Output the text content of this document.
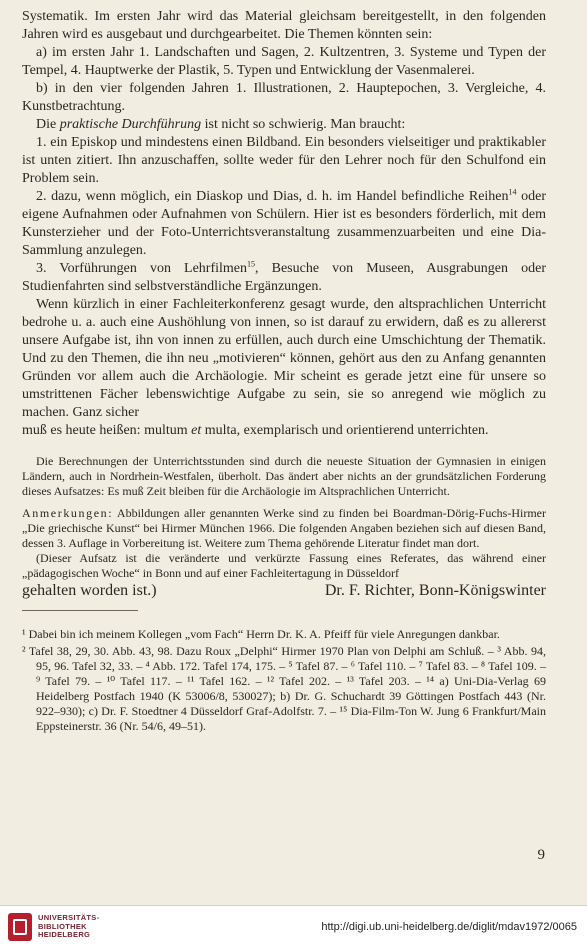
Systematik. Im ersten Jahr wird das Material gleichsam bereitgestellt, in den folgenden Jahren wird es ausgebaut und durchgearbeitet. Die Themen könnten sein:

a) im ersten Jahr 1. Landschaften und Sagen, 2. Kultzentren, 3. Systeme und Typen der Tempel, 4. Hauptwerke der Plastik, 5. Typen und Entwicklung der Vasenmalerei.

b) in den vier folgenden Jahren 1. Illustrationen, 2. Hauptepochen, 3. Vergleiche, 4. Kunstbetrachtung.

Die praktische Durchführung ist nicht so schwierig. Man braucht:

1. ein Episkop und mindestens einen Bildband. Ein besonders vielseitiger und praktikabler ist unten zitiert. Ihn anzuschaffen, sollte weder für den Lehrer noch für den Schulfond ein Problem sein.

2. dazu, wenn möglich, ein Diaskop und Dias, d. h. im Handel befindliche Reihen$^{14}$ oder eigene Aufnahmen oder Aufnahmen von Schülern. Hier ist es besonders förderlich, mit dem Kunsterzieher und der Foto-Unterrichtsveranstaltung zusammenzuarbeiten und eine Dia-Sammlung anzulegen.

3. Vorführungen von Lehrfilmen$^{15}$, Besuche von Museen, Ausgrabungen oder Studienfahrten sind selbstverständliche Ergänzungen.

Wenn kürzlich in einer Fachleiterkonferenz gesagt wurde, den altsprachlichen Unterricht bedrohe u. a. auch eine Aushöhlung von innen, so ist darauf zu erwidern, daß es zu allererst unsere Aufgabe ist, ihn von innen zu erfüllen, auch durch eine Umschichtung der Thematik. Und zu den Themen, die ihn neu „motivieren“ können, gehört aus den zu Anfang genannten Gründen vor allem auch die Archäologie. Mir scheint es gerade jetzt eine für unsere so umstrittenen Fächer lebenswichtige Aufgabe zu sein, sie so anregend wie möglich zu machen. Ganz sicher

muß es heute heißen: multum et multa, exemplarisch und orientierend unterrichten.

Die Berechnungen der Unterrichtsstunden sind durch die neueste Situation der Gymnasien in einigen Ländern, auch in Nordrhein-Westfalen, überholt. Das ändert aber nichts an der grundsätzlichen Forderung dieses Aufsatzes: Es muß Zeit bleiben für die Archäologie im Altsprachlichen Unterricht.

Anmerkungen: Abbildungen aller genannten Werke sind zu finden bei Boardman-Dörig-Fuchs-Hirmer „Die griechische Kunst“ bei Hirmer München 1966. Die folgenden Angaben beziehen sich auf diesen Band, dessen 3. Auflage in Vorbereitung ist. Weitere zum Thema gehörende Literatur findet man dort.

(Dieser Aufsatz ist die veränderte und verkürzte Fassung eines Referates, das während einer „pädagogischen Woche“ in Bonn und auf einer Fachleitertagung in Düsseldorf

gehalten worden ist.)	Dr. F. Richter, Bonn-Königswinter

¹ Dabei bin ich meinem Kollegen „vom Fach“ Herrn Dr. K. A. Pfeiff für viele Anregungen dankbar.

² Tafel 38, 29, 30. Abb. 43, 98. Dazu Roux „Delphi“ Hirmer 1970 Plan von Delphi am Schluß. – ³ Abb. 94, 95, 96. Tafel 32, 33. – ⁴ Abb. 172. Tafel 174, 175. – ⁵ Tafel 87. – ⁶ Tafel 110. – ⁷ Tafel 83. – ⁸ Tafel 109. – ⁹ Tafel 79. – ¹⁰ Tafel 117. – ¹¹ Tafel 162. – ¹² Tafel 202. – ¹³ Tafel 203. – ¹⁴ a) Uni-Dia-Verlag 69 Heidelberg Postfach 1940 (K 53006/8, 530027); b) Dr. G. Schuchardt 39 Göttingen Postfach 443 (Nr. 922–930); c) Dr. F. Stoedtner 4 Düsseldorf Graf-Adolfstr. 7. – ¹⁵ Dia-Film-Ton W. Jung 6 Frankfurt/Main Eppsteinerstr. 36 (Nr. 54/6, 49–51).

9
UNIVERSITÄTS-
BIBLIOTHEK
HEIDELBERG
http://digi.ub.uni-heidelberg.de/diglit/mdav1972/0065
